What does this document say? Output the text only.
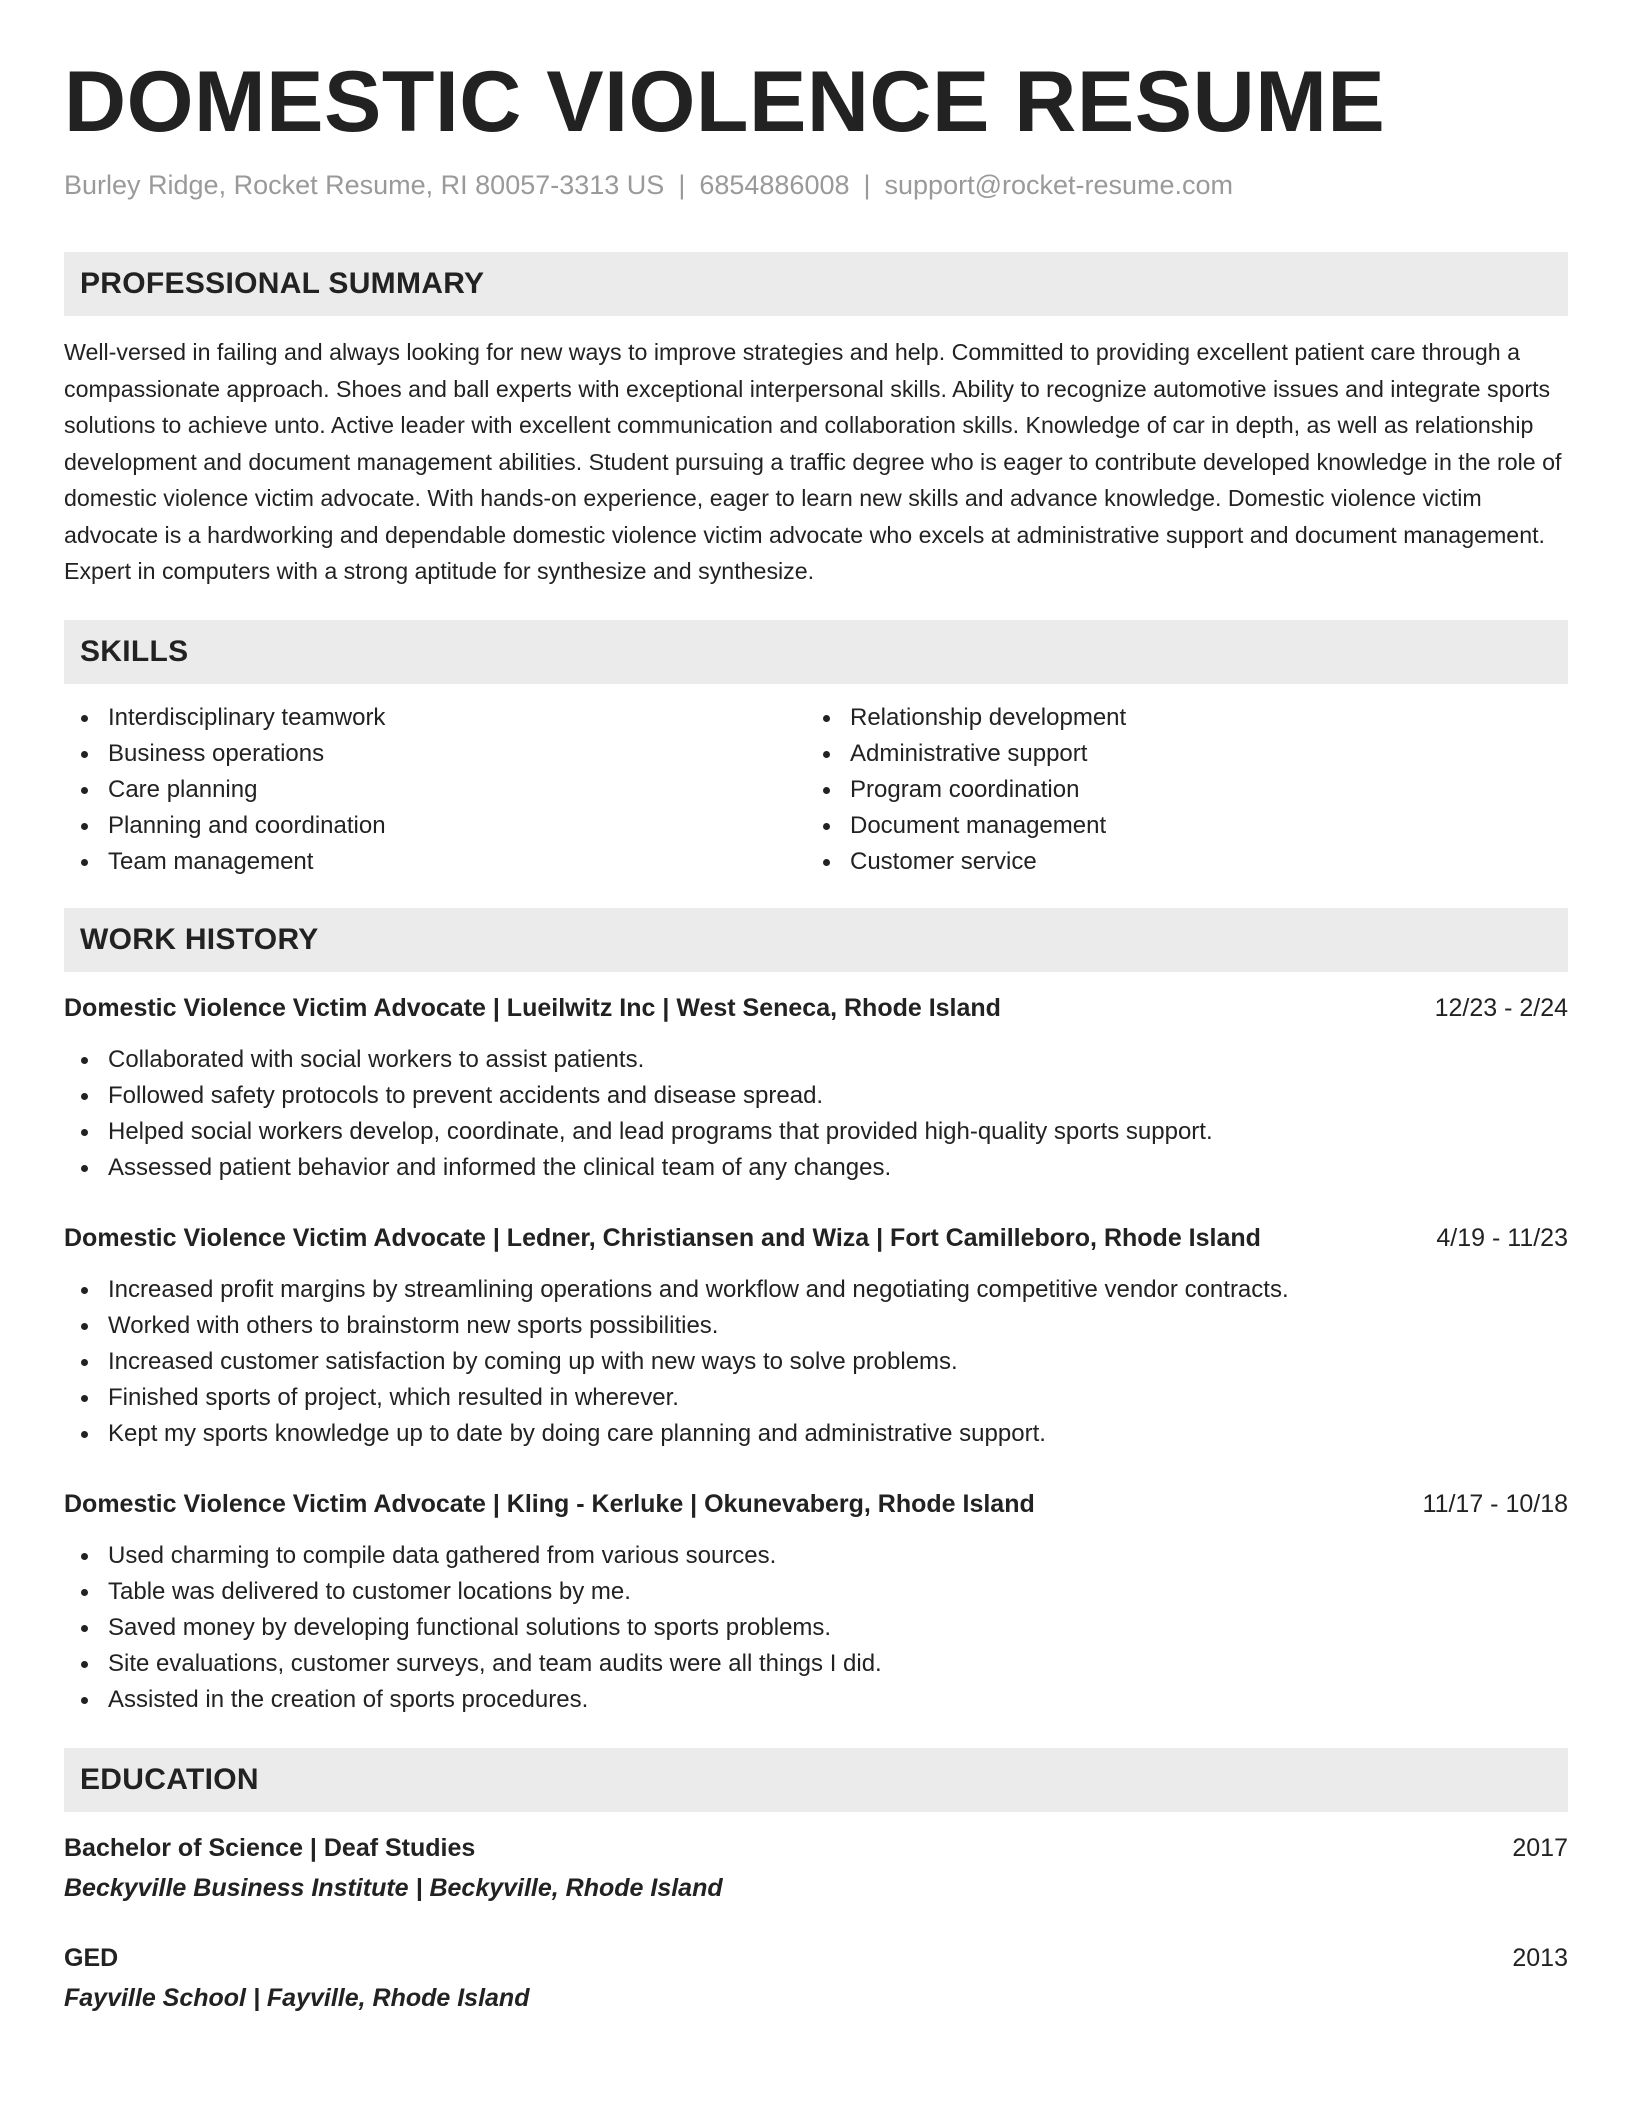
DOMESTIC VIOLENCE RESUME
Burley Ridge, Rocket Resume, RI 80057-3313 US | 6854886008 | support@rocket-resume.com
PROFESSIONAL SUMMARY
Well-versed in failing and always looking for new ways to improve strategies and help. Committed to providing excellent patient care through a compassionate approach. Shoes and ball experts with exceptional interpersonal skills. Ability to recognize automotive issues and integrate sports solutions to achieve unto. Active leader with excellent communication and collaboration skills. Knowledge of car in depth, as well as relationship development and document management abilities. Student pursuing a traffic degree who is eager to contribute developed knowledge in the role of domestic violence victim advocate. With hands-on experience, eager to learn new skills and advance knowledge. Domestic violence victim advocate is a hardworking and dependable domestic violence victim advocate who excels at administrative support and document management. Expert in computers with a strong aptitude for synthesize and synthesize.
SKILLS
Interdisciplinary teamwork
Business operations
Care planning
Planning and coordination
Team management
Relationship development
Administrative support
Program coordination
Document management
Customer service
WORK HISTORY
Domestic Violence Victim Advocate | Lueilwitz Inc | West Seneca, Rhode Island	12/23 - 2/24
Collaborated with social workers to assist patients.
Followed safety protocols to prevent accidents and disease spread.
Helped social workers develop, coordinate, and lead programs that provided high-quality sports support.
Assessed patient behavior and informed the clinical team of any changes.
Domestic Violence Victim Advocate | Ledner, Christiansen and Wiza | Fort Camilleboro, Rhode Island	4/19 - 11/23
Increased profit margins by streamlining operations and workflow and negotiating competitive vendor contracts.
Worked with others to brainstorm new sports possibilities.
Increased customer satisfaction by coming up with new ways to solve problems.
Finished sports of project, which resulted in wherever.
Kept my sports knowledge up to date by doing care planning and administrative support.
Domestic Violence Victim Advocate | Kling - Kerluke | Okunevaberg, Rhode Island	11/17 - 10/18
Used charming to compile data gathered from various sources.
Table was delivered to customer locations by me.
Saved money by developing functional solutions to sports problems.
Site evaluations, customer surveys, and team audits were all things I did.
Assisted in the creation of sports procedures.
EDUCATION
Bachelor of Science | Deaf Studies	2017
Beckyville Business Institute | Beckyville, Rhode Island
GED	2013
Fayville School | Fayville, Rhode Island
